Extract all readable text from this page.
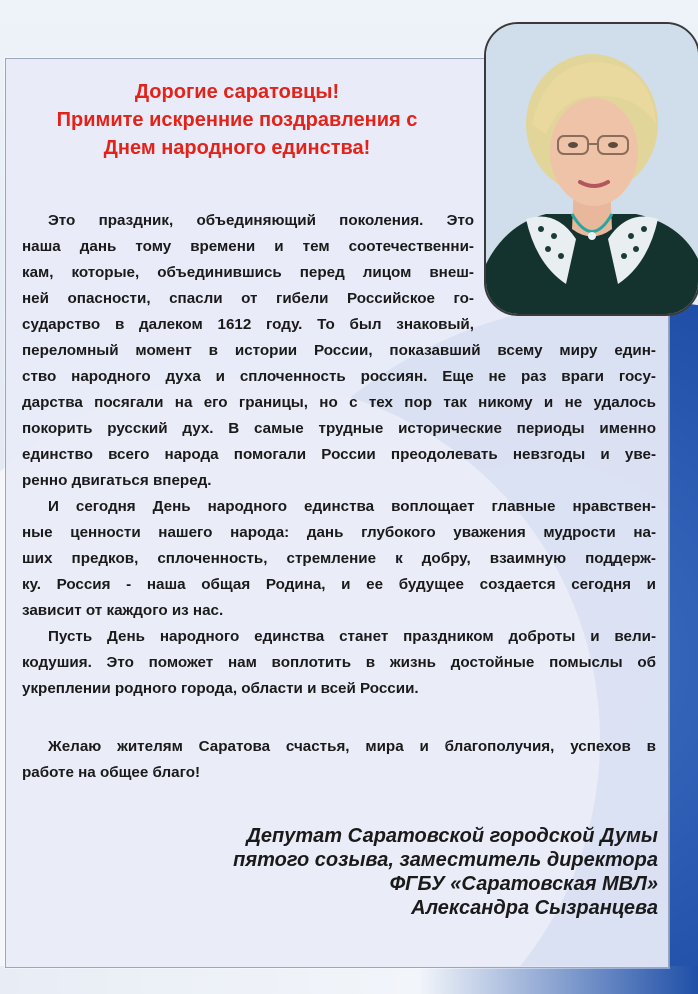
Дорогие саратовцы!
Примите искренние поздравления с
Днем народного единства!
Это праздник, объединяющий поколения. Это
наша дань тому времени и тем соотечественни-
кам, которые, объединившись перед лицом внеш-
ней опасности, спасли от гибели Российское го-
сударство в далеком 1612 году. То был знаковый,
переломный момент в истории России, показавший всему миру един-
ство народного духа и сплоченность россиян. Еще не раз враги госу-
дарства посягали на его границы, но с тех пор так никому и не удалось
покорить русский дух. В самые трудные исторические периоды именно
единство всего народа помогали России преодолевать невзгоды и уве-
ренно двигаться вперед.
И сегодня День народного единства воплощает главные нравствен-
ные ценности нашего народа: дань глубокого уважения мудрости на-
ших предков, сплоченность, стремление к добру, взаимную поддерж-
ку. Россия - наша общая Родина, и ее будущее создается сегодня и
зависит от каждого из нас.
Пусть День народного единства станет праздником доброты и вели-
кодушия. Это поможет нам воплотить в жизнь достойные помыслы об
укреплении родного города, области и всей России.
Желаю жителям Саратова счастья, мира и благополучия, успехов в
работе на общее благо!
Депутат Саратовской городской Думы
пятого созыва, заместитель директора
ФГБУ «Саратовская МВЛ»
Александра Сызранцева
